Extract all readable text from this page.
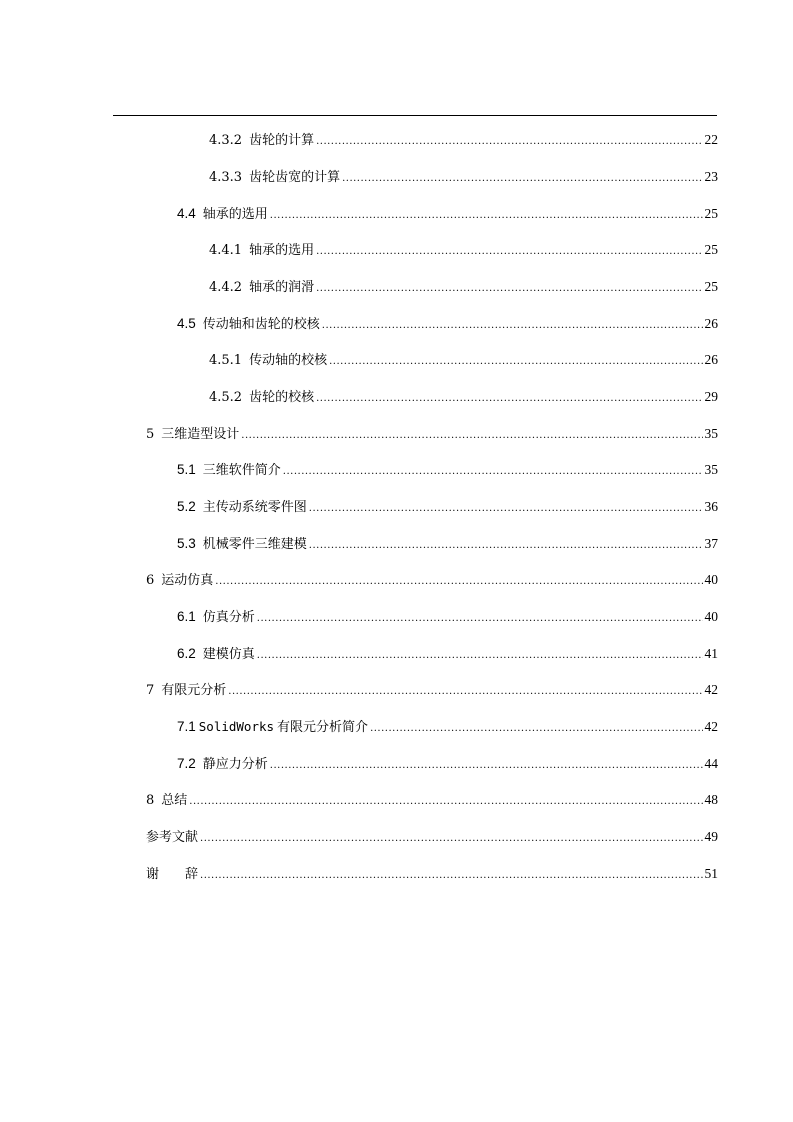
4.3.2 齿轮的计算 .....	22
4.3.3 齿轮齿宽的计算 .....	23
4.4 轴承的选用 .....	25
4.4.1 轴承的选用 .....	25
4.4.2 轴承的润滑 .....	25
4.5 传动轴和齿轮的校核 .....	26
4.5.1 传动轴的校核 .....	26
4.5.2 齿轮的校核 .....	29
5 三维造型设计 .....	35
5.1 三维软件简介 .....	35
5.2 主传动系统零件图 .....	36
5.3 机械零件三维建模 .....	37
6 运动仿真 .....	40
6.1 仿真分析 .....	40
6.2 建模仿真 .....	41
7 有限元分析 .....	42
7.1 SolidWorks 有限元分析简介 .....	42
7.2 静应力分析 .....	44
8 总结 .....	48
参考文献 .....	49
谢　　辞 .....	51
